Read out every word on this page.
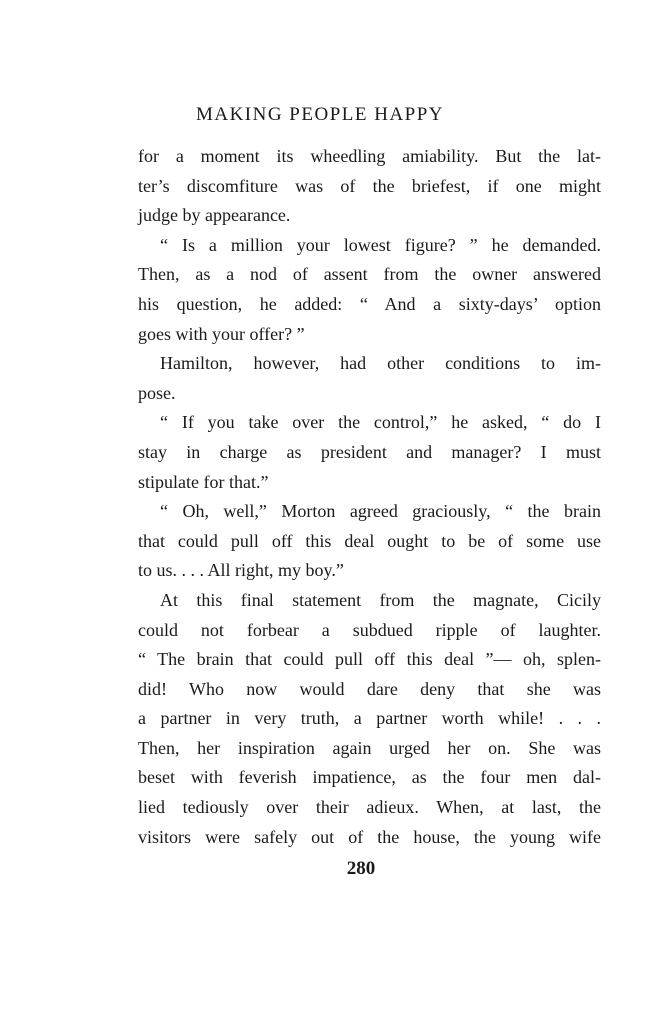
MAKING PEOPLE HAPPY
for a moment its wheedling amiability. But the lat-
ter’s discomfiture was of the briefest, if one might
judge by appearance.
“ Is a million your lowest figure? ” he demanded.
Then, as a nod of assent from the owner answered
his question, he added: “ And a sixty-days’ option
goes with your offer? ”
Hamilton, however, had other conditions to im-
pose.
“ If you take over the control,” he asked, “ do I
stay in charge as president and manager? I must
stipulate for that.”
“ Oh, well,” Morton agreed graciously, “ the brain
that could pull off this deal ought to be of some use
to us. . . . All right, my boy.”
At this final statement from the magnate, Cicily
could not forbear a subdued ripple of laughter.
“ The brain that could pull off this deal ”— oh, splen-
did! Who now would dare deny that she was
a partner in very truth, a partner worth while! . . .
Then, her inspiration again urged her on. She was
beset with feverish impatience, as the four men dal-
lied tediously over their adieux. When, at last, the
visitors were safely out of the house, the young wife
280
